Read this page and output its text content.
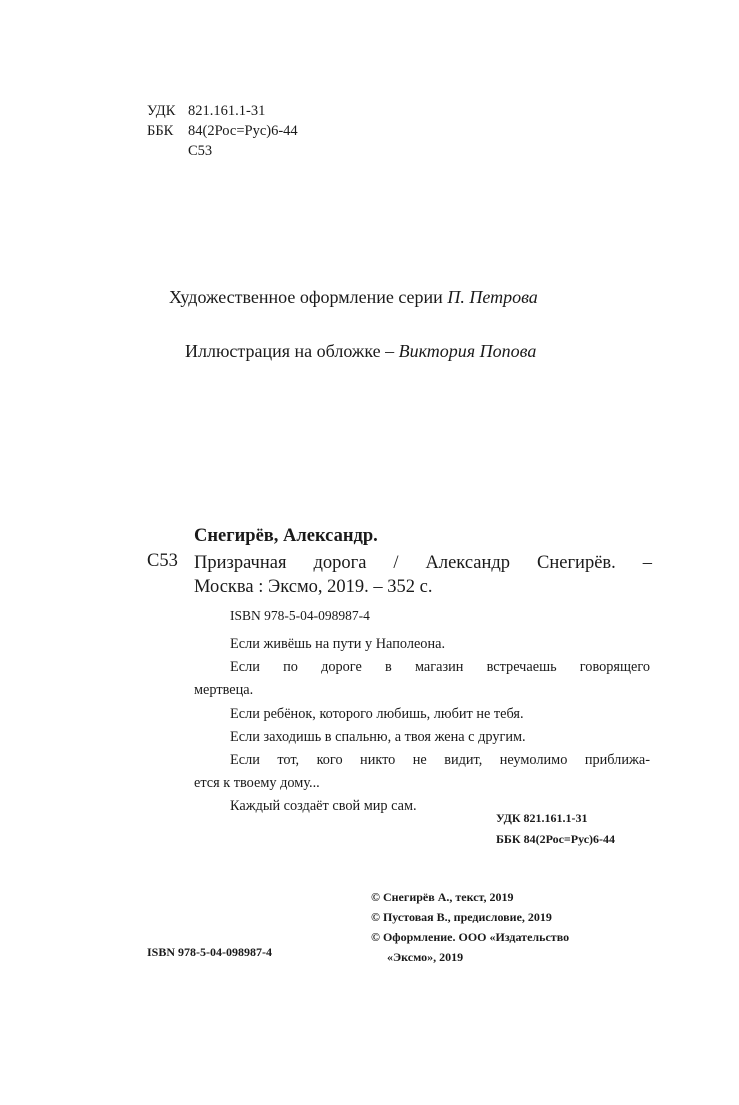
УДК 821.161.1-31
ББК 84(2Рос=Рус)6-44
С53
Художественное оформление серии П. Петрова
Иллюстрация на обложке – Виктория Попова
Снегирёв, Александр.
С53 Призрачная дорога / Александр Снегирёв. –
Москва : Эксмо, 2019. – 352 с.
ISBN 978-5-04-098987-4
Если живёшь на пути у Наполеона.
Если по дороге в магазин встречаешь говорящего
мертвеца.
Если ребёнок, которого любишь, любит не тебя.
Если заходишь в спальню, а твоя жена с другим.
Если тот, кого никто не видит, неумолимо приближа-
ется к твоему дому...
Каждый создаёт свой мир сам.
УДК 821.161.1-31
ББК 84(2Рос=Рус)6-44
© Снегирёв А., текст, 2019
© Пустовая В., предисловие, 2019
© Оформление. ООО «Издательство
«Эксмо», 2019
ISBN 978-5-04-098987-4
